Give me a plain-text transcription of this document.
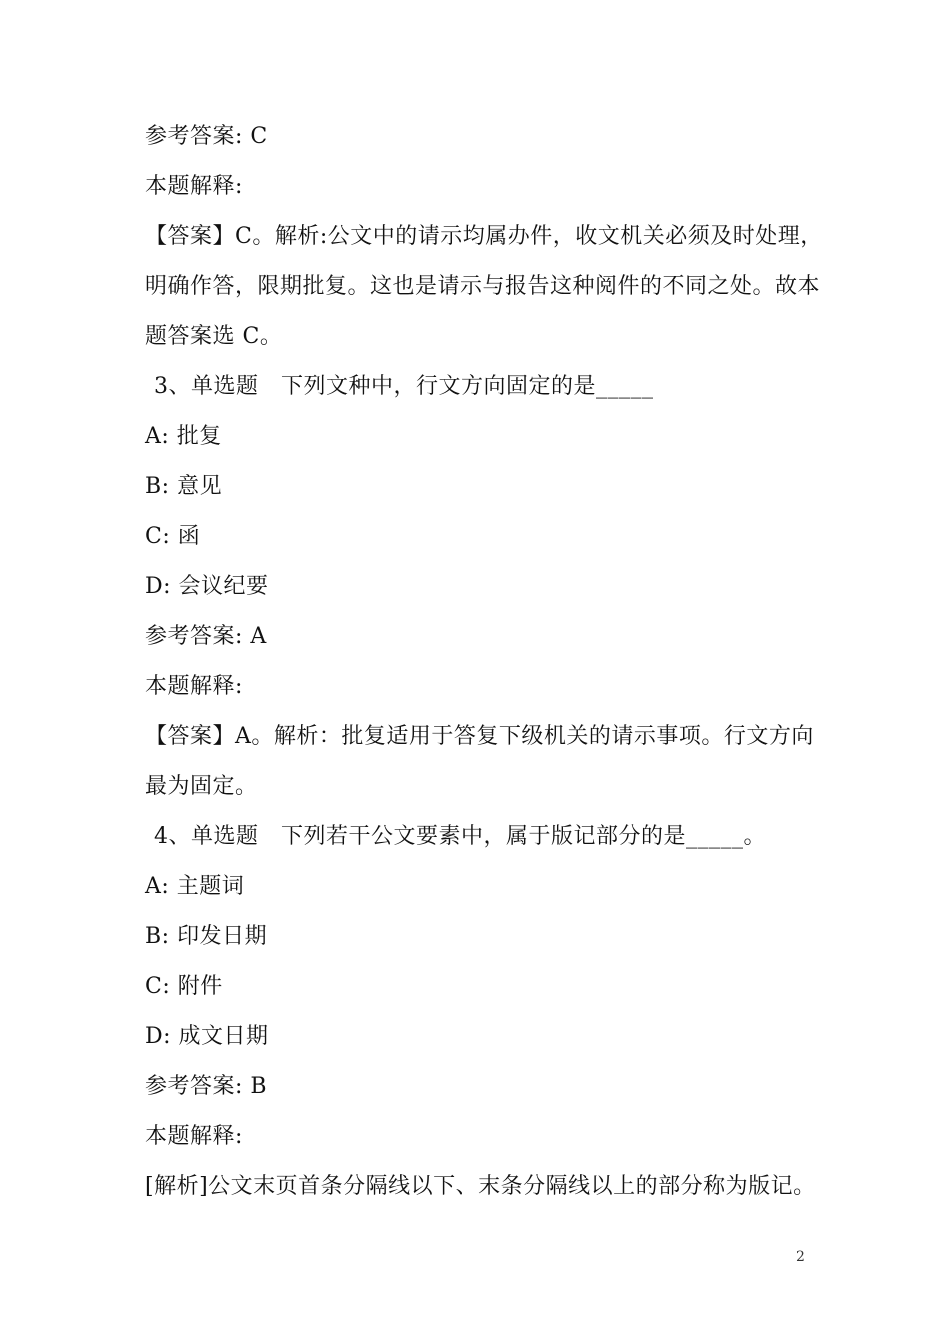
参考答案: C
本题解释:
【答案】C。解析:公文中的请示均属办件，收文机关必须及时处理，
明确作答，限期批复。这也是请示与报告这种阅件的不同之处。故本
题答案选 C。
3、单选题　下列文种中，行文方向固定的是_____
A: 批复
B: 意见
C: 函
D: 会议纪要
参考答案: A
本题解释:
【答案】A。解析：批复适用于答复下级机关的请示事项。行文方向
最为固定。
4、单选题　下列若干公文要素中，属于版记部分的是_____。
A: 主题词
B: 印发日期
C: 附件
D: 成文日期
参考答案: B
本题解释:
[解析]公文末页首条分隔线以下、末条分隔线以上的部分称为版记。
2
